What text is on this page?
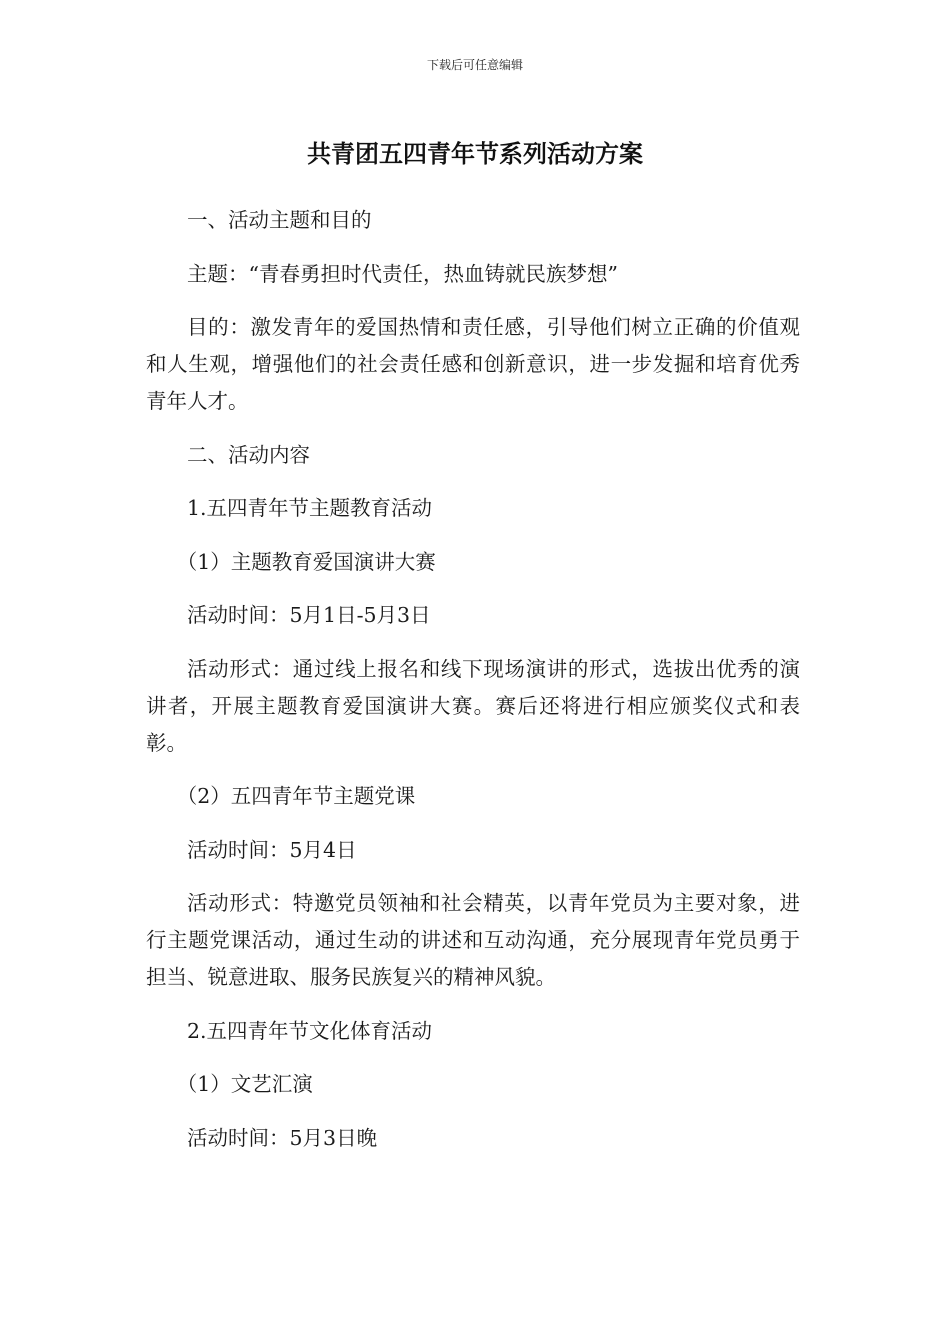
下载后可任意编辑
共青团五四青年节系列活动方案

一、活动主题和目的

主题：“青春勇担时代责任，热血铸就民族梦想”

目的：激发青年的爱国热情和责任感，引导他们树立正确的价值观和人生观，增强他们的社会责任感和创新意识，进一步发掘和培育优秀青年人才。

二、活动内容

1.五四青年节主题教育活动

（1）主题教育爱国演讲大赛

活动时间：5月1日-5月3日

活动形式：通过线上报名和线下现场演讲的形式，选拔出优秀的演讲者，开展主题教育爱国演讲大赛。赛后还将进行相应颁奖仪式和表彰。

（2）五四青年节主题党课

活动时间：5月4日

活动形式：特邀党员领袖和社会精英，以青年党员为主要对象，进行主题党课活动，通过生动的讲述和互动沟通，充分展现青年党员勇于担当、锐意进取、服务民族复兴的精神风貌。

2.五四青年节文化体育活动

（1）文艺汇演

活动时间：5月3日晚
